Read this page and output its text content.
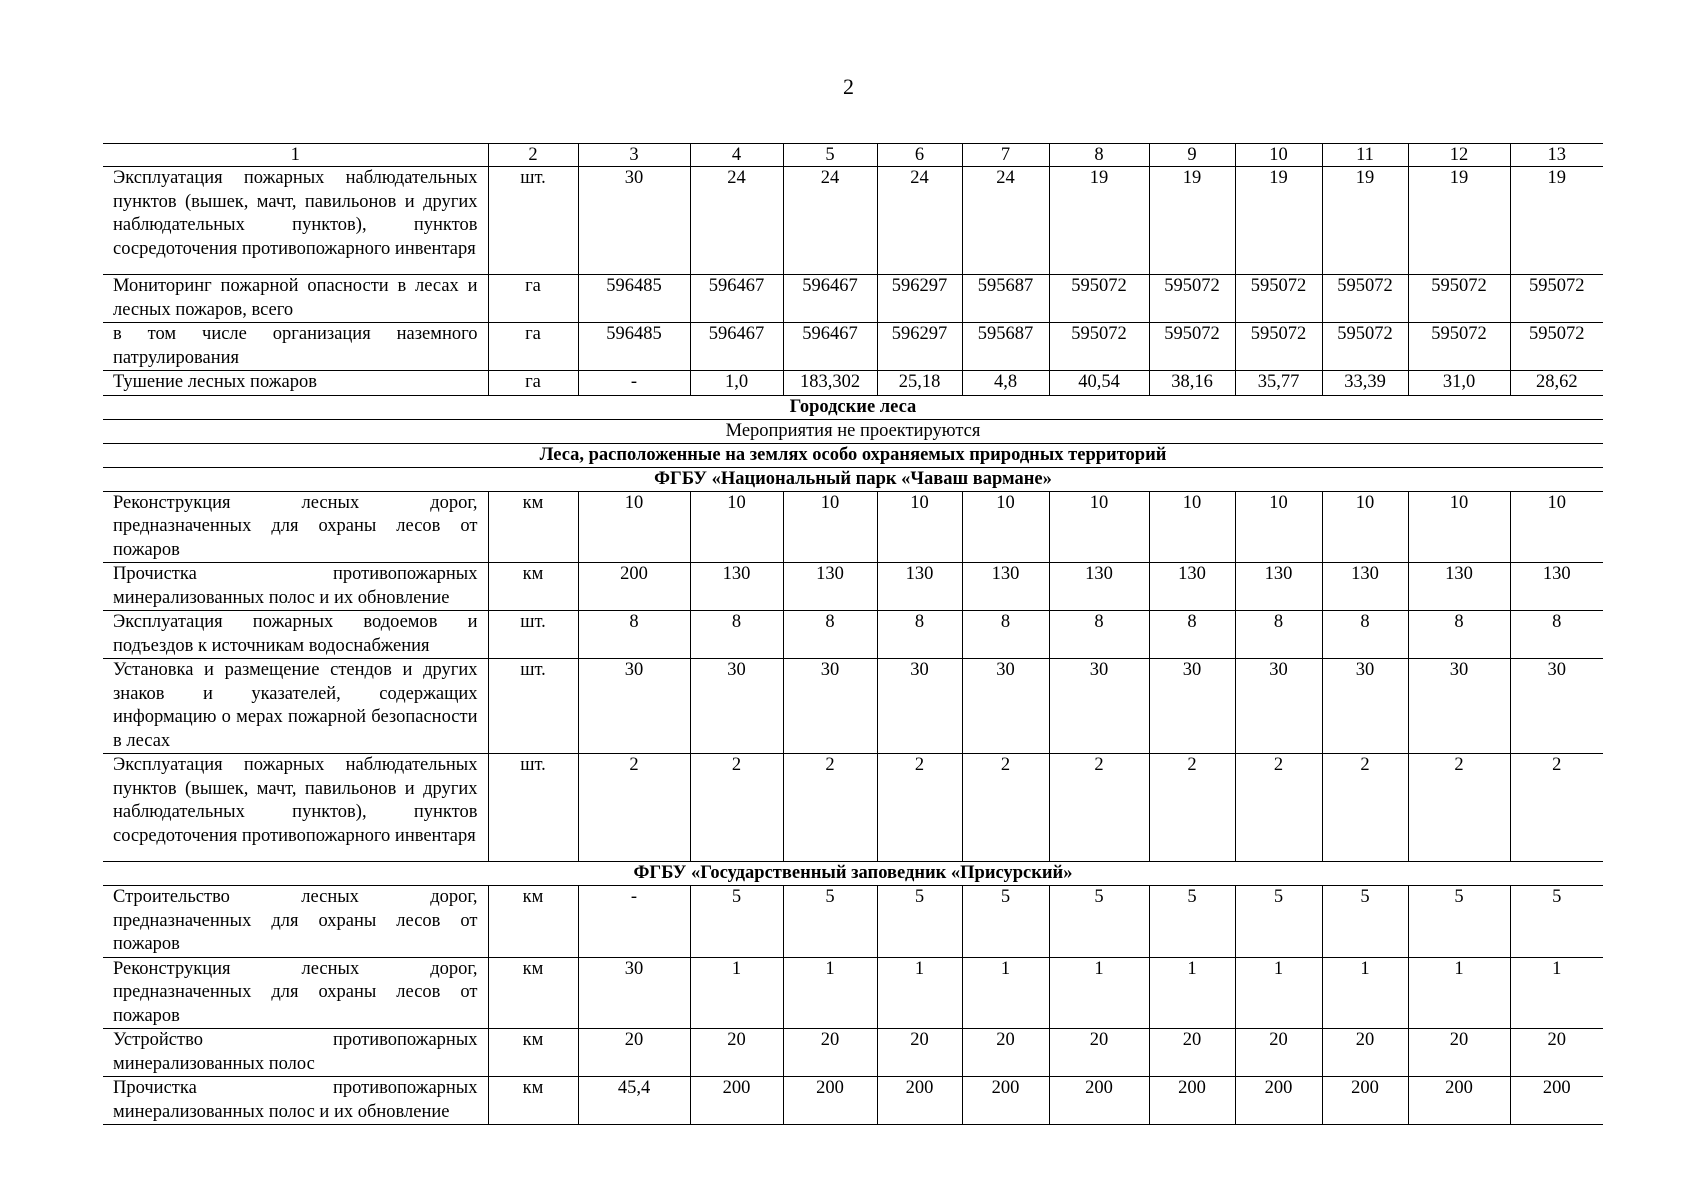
2
1	2	3	4	5	6	7	8	9	10	11	12	13
Эксплуатация пожарных наблюдательных пунктов (вышек, мачт, павильонов и других наблюдательных пунктов), пунктов сосредоточения противопожарного инвентаря	шт.	30	24	24	24	24	19	19	19	19	19	19
Мониторинг пожарной опасности в лесах и лесных пожаров, всего	га	596485	596467	596467	596297	595687	595072	595072	595072	595072	595072	595072
в том числе организация наземного патрулирования	га	596485	596467	596467	596297	595687	595072	595072	595072	595072	595072	595072
Тушение лесных пожаров	га	-	1,0	183,302	25,18	4,8	40,54	38,16	35,77	33,39	31,0	28,62
Городские леса												
Мероприятия не проектируются												
Леса, расположенные на землях особо охраняемых природных территорий												
ФГБУ «Национальный парк «Чаваш вармане»												
Реконструкция лесных дорог, предназначенных для охраны лесов от пожаров	км	10	10	10	10	10	10	10	10	10	10	10
Прочистка противопожарных минерализованных полос и их обновление	км	200	130	130	130	130	130	130	130	130	130	130
Эксплуатация пожарных водоемов и подъездов к источникам водоснабжения	шт.	8	8	8	8	8	8	8	8	8	8	8
Установка и размещение стендов и других знаков и указателей, содержащих информацию о мерах пожарной безопасности в лесах	шт.	30	30	30	30	30	30	30	30	30	30	30
Эксплуатация пожарных наблюдательных пунктов (вышек, мачт, павильонов и других наблюдательных пунктов), пунктов сосредоточения противопожарного инвентаря	шт.	2	2	2	2	2	2	2	2	2	2	2
ФГБУ «Государственный заповедник «Присурский»												
Строительство лесных дорог, предназначенных для охраны лесов от пожаров	км	-	5	5	5	5	5	5	5	5	5	5
Реконструкция лесных дорог, предназначенных для охраны лесов от пожаров	км	30	1	1	1	1	1	1	1	1	1	1
Устройство противопожарных минерализованных полос	км	20	20	20	20	20	20	20	20	20	20	20
Прочистка противопожарных минерализованных полос и их обновление	км	45,4	200	200	200	200	200	200	200	200	200	200
